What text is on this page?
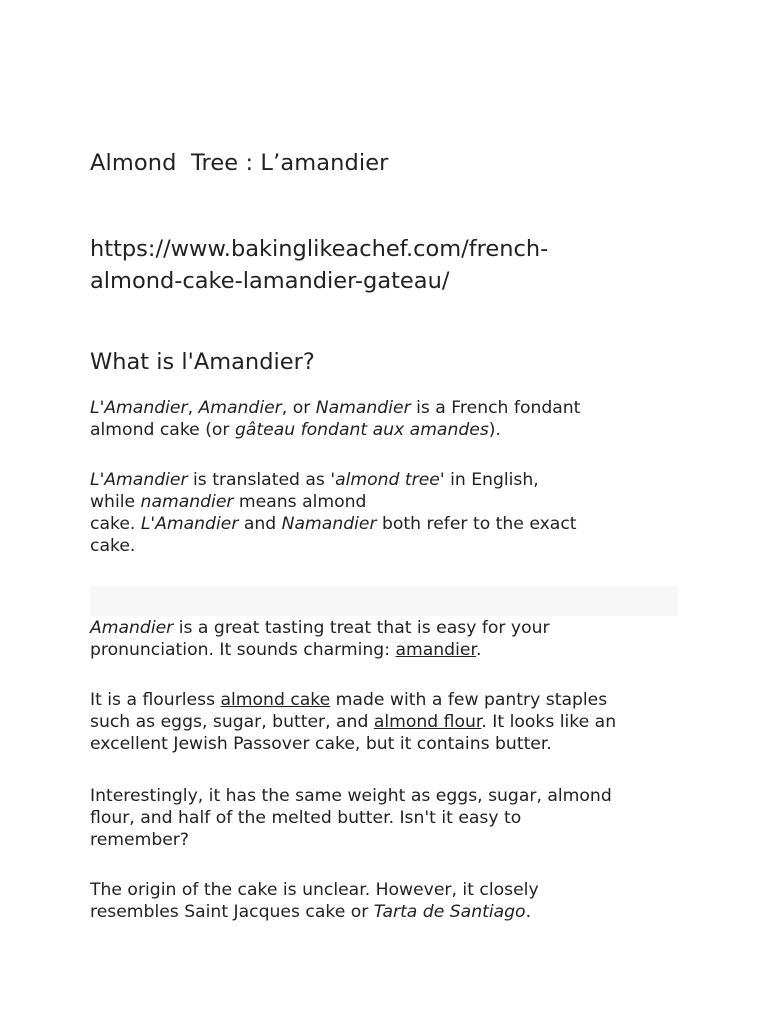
Almond  Tree : L’amandier

https://www.bakinglikeachef.com/french-
almond-cake-lamandier-gateau/

What is l'Amandier?

L'Amandier, Amandier, or Namandier is a French fondant
almond cake (or gâteau fondant aux amandes).

L'Amandier is translated as 'almond tree' in English,
while namandier means almond
cake. L'Amandier and Namandier both refer to the exact
cake.

Amandier is a great tasting treat that is easy for your
pronunciation. It sounds charming: amandier.

It is a flourless almond cake made with a few pantry staples
such as eggs, sugar, butter, and almond flour. It looks like an
excellent Jewish Passover cake, but it contains butter.

Interestingly, it has the same weight as eggs, sugar, almond
flour, and half of the melted butter. Isn't it easy to
remember?

The origin of the cake is unclear. However, it closely
resembles Saint Jacques cake or Tarta de Santiago.
